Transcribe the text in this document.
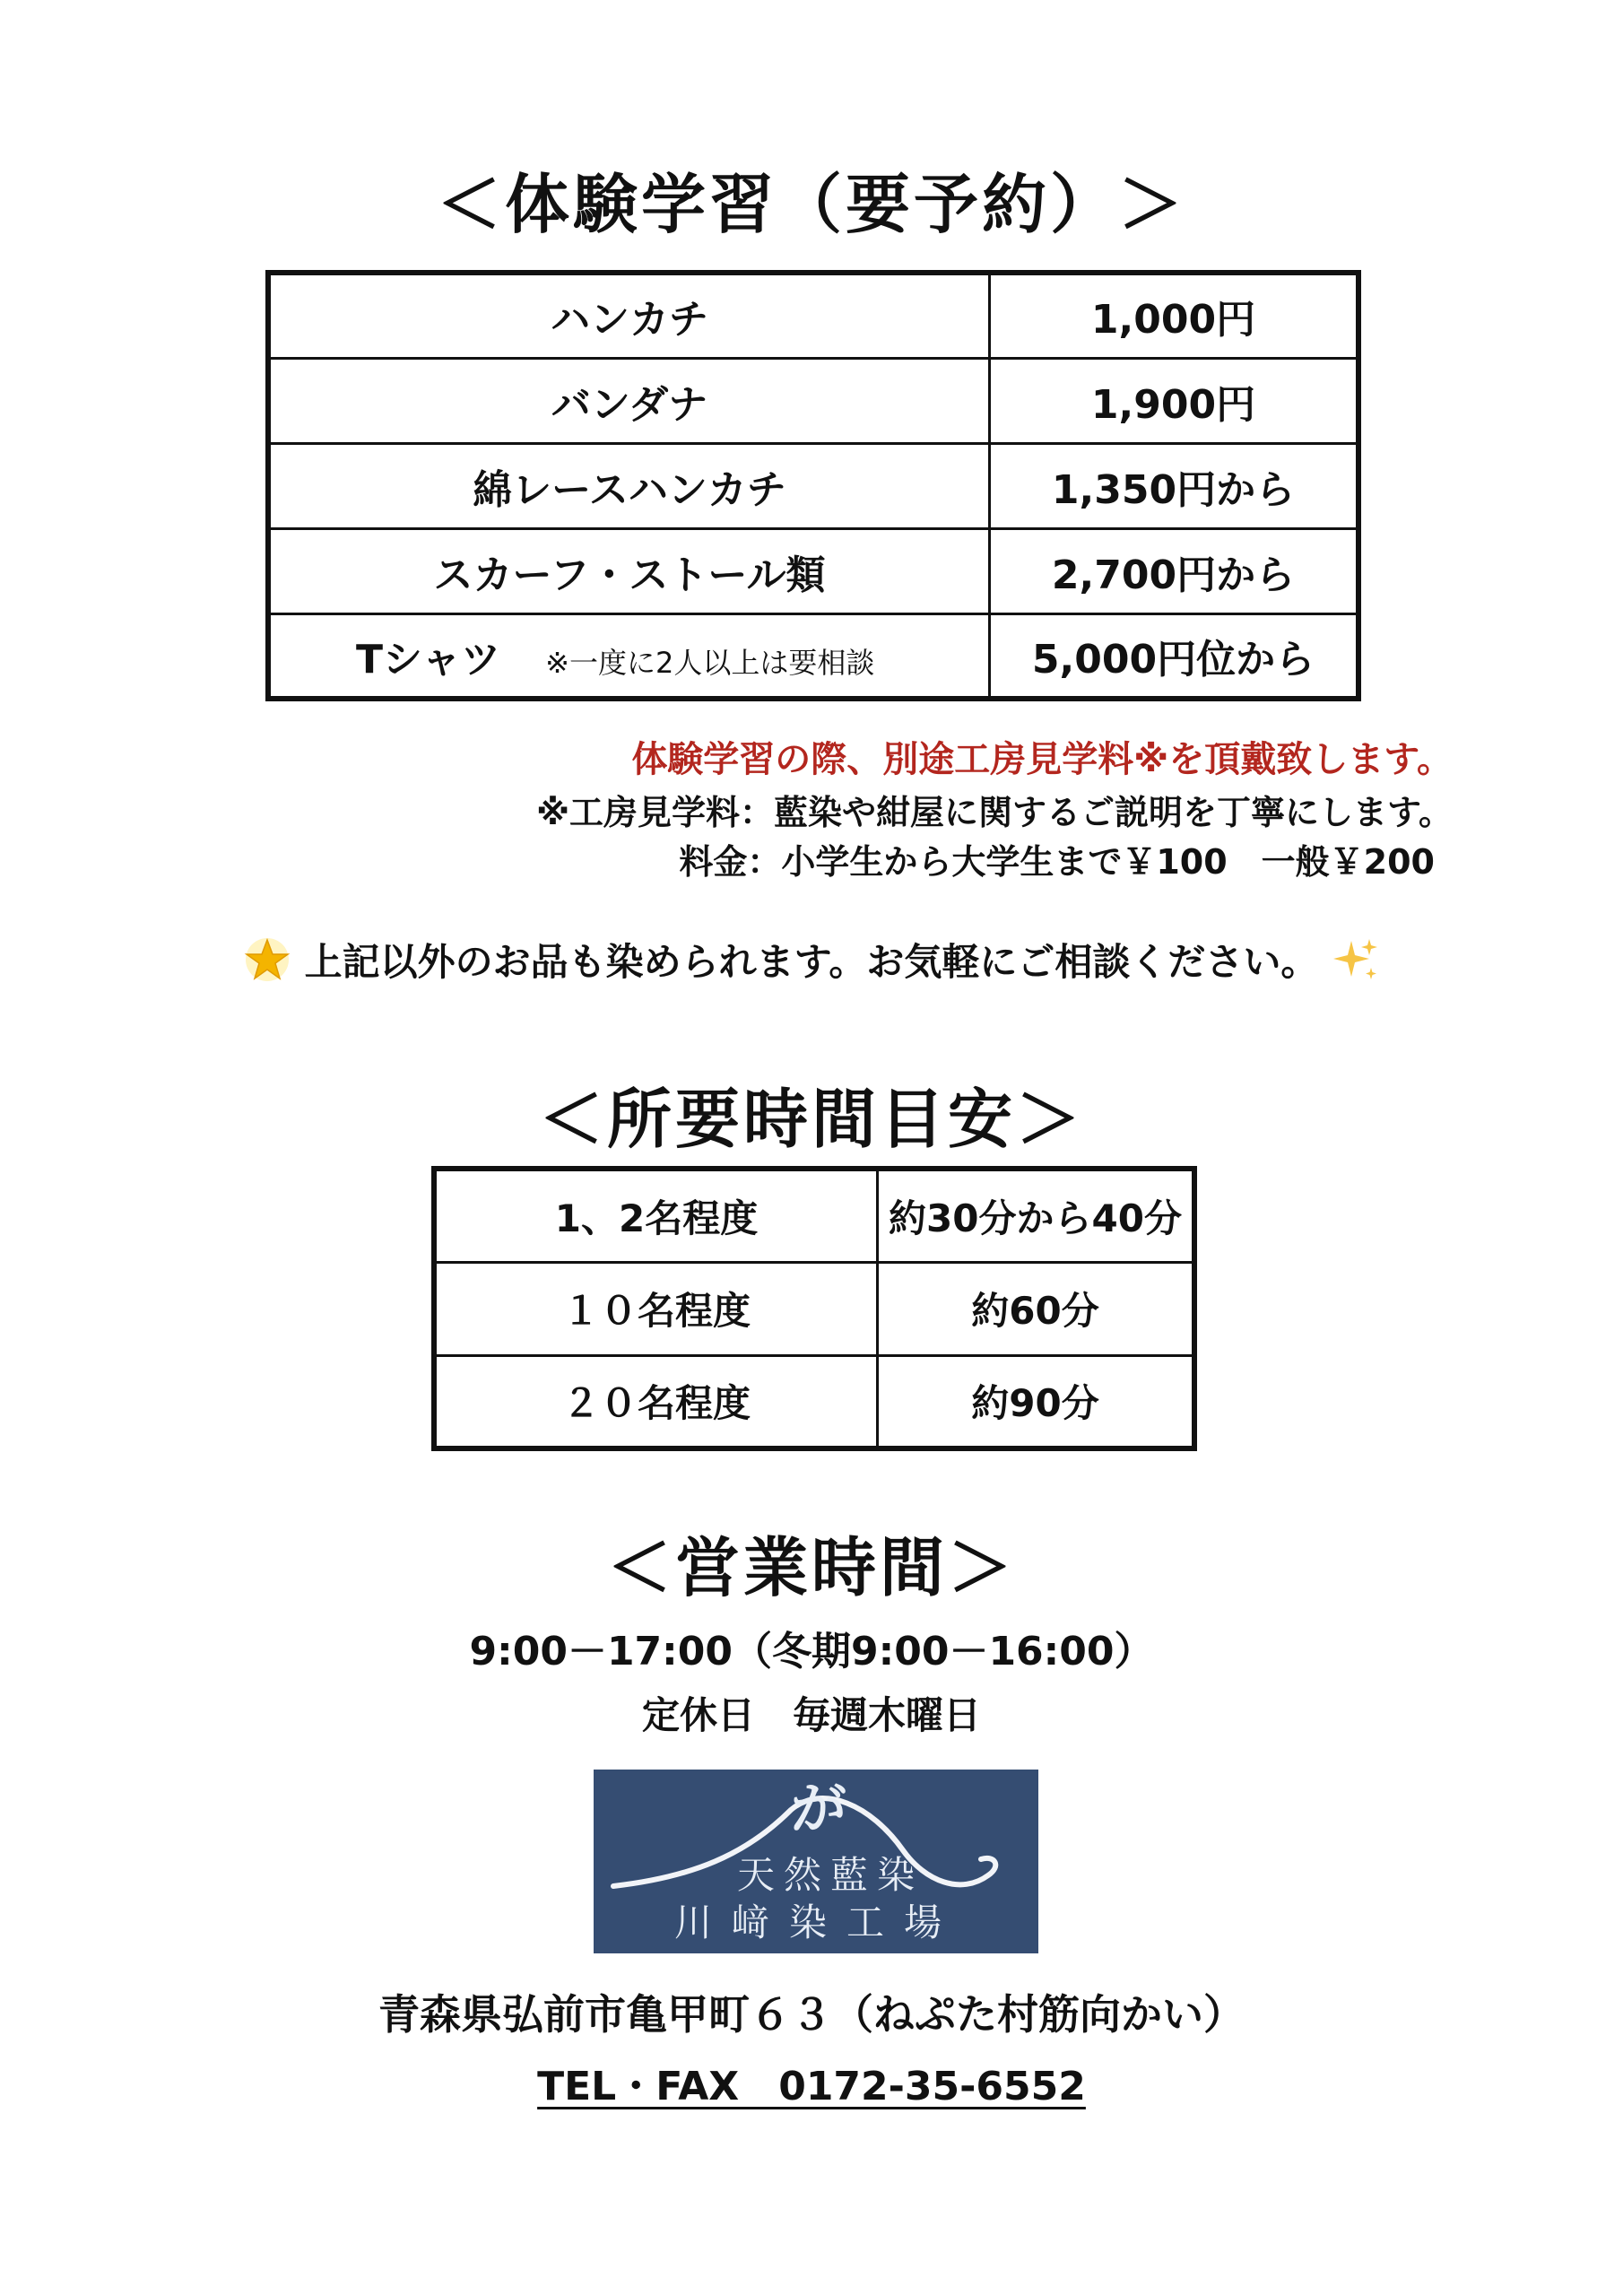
＜体験学習（要予約）＞
ハンカチ	1,000円
バンダナ	1,900円
綿レースハンカチ	1,350円から
スカーフ・ストール類	2,700円から
Tシャツ ※一度に2人以上は要相談	5,000円位から
体験学習の際、別途工房見学料※を頂戴致します。
※工房見学料：藍染や紺屋に関するご説明を丁寧にします。
料金：小学生から大学生まで￥100　一般￥200
上記以外のお品も染められます。お気軽にご相談ください。
＜所要時間目安＞
1、2名程度	約30分から40分
１０名程度	約60分
２０名程度	約90分
＜営業時間＞
9:00－17:00（冬期9:00－16:00）
定休日　毎週木曜日
が
天然藍染
川﨑染工場
青森県弘前市亀甲町６３（ねぷた村筋向かい）
TEL・FAX　0172-35-6552
